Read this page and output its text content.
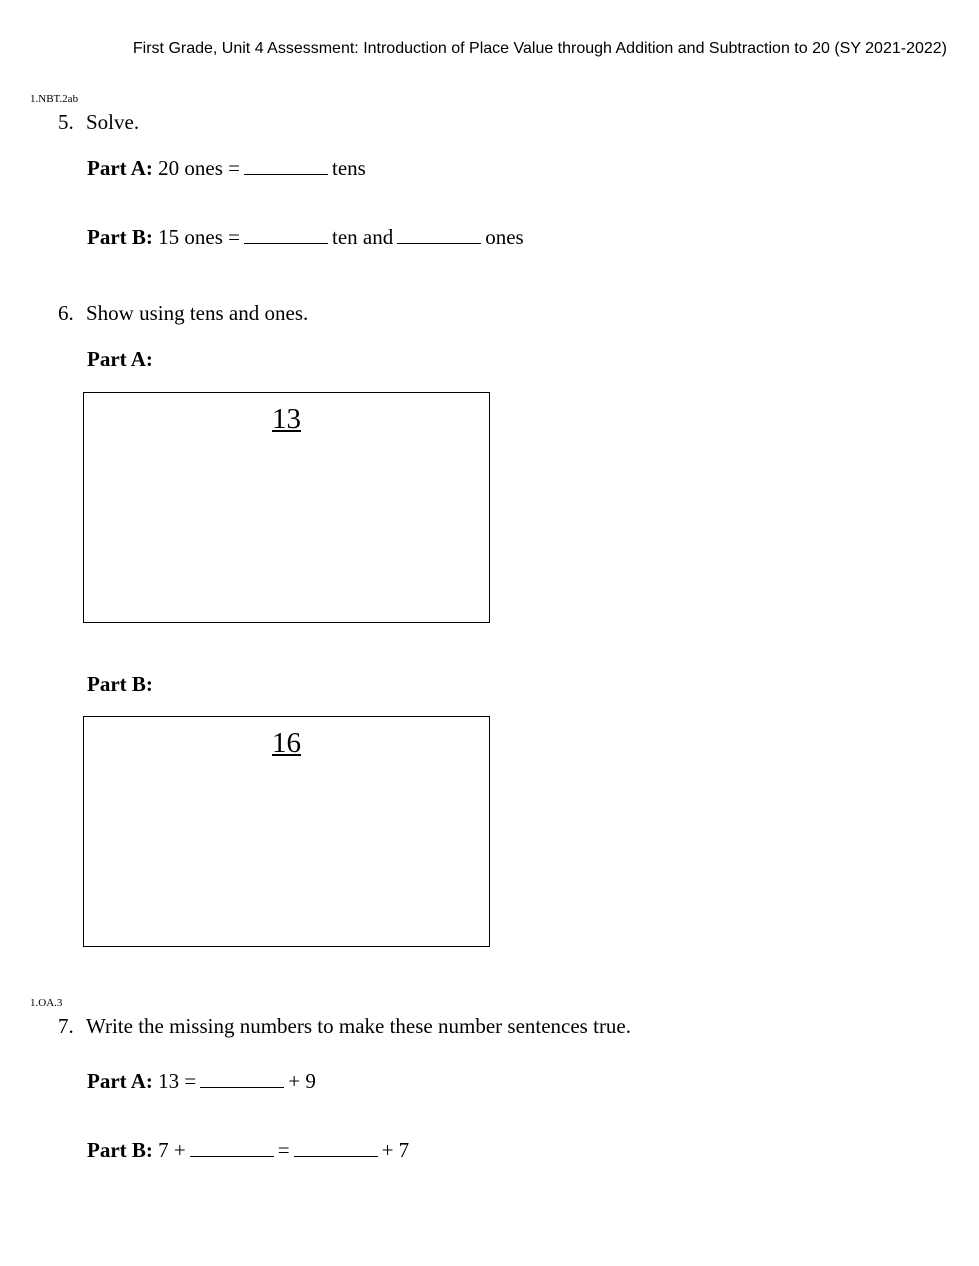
First Grade, Unit 4 Assessment: Introduction of Place Value through Addition and Subtraction to 20 (SY 2021-2022)
1.NBT.2ab
5. Solve.
Part A: 20 ones =	tens
Part B: 15 ones =	ten and	ones
6. Show using tens and ones.
Part A:
13
Part B:
16
1.OA.3
7. Write the missing numbers to make these number sentences true.
Part A: 13 =	+ 9
Part B: 7 +	=	+ 7
